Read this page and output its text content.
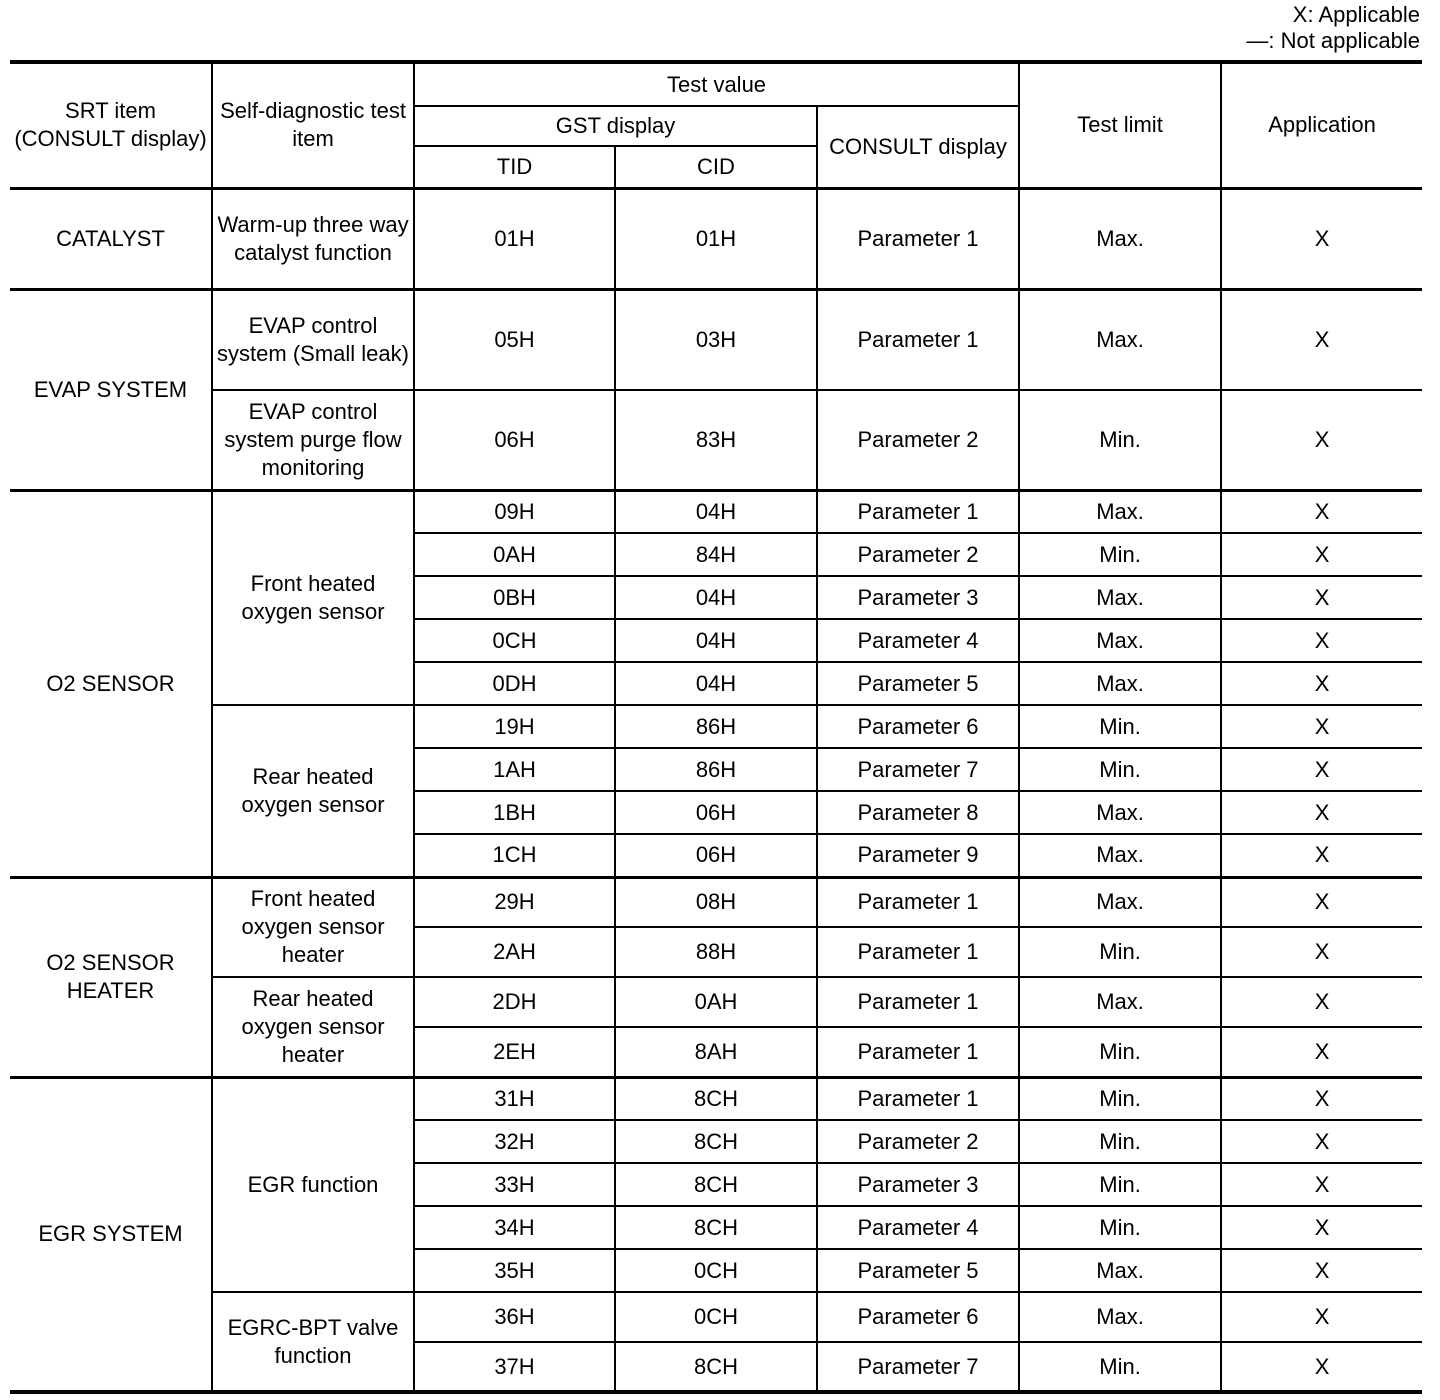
X: Applicable
—: Not applicable
SRT item (CONSULT display)	Self-diagnostic test item	Test value			Test limit	Application
		GST display		CONSULT display		
		TID	CID			
CATALYST	Warm-up three way catalyst function	01H	01H	Parameter 1	Max.	X
EVAP SYSTEM	EVAP control system (Small leak)	05H	03H	Parameter 1	Max.	X
	EVAP control system purge flow monitoring	06H	83H	Parameter 2	Min.	X
O2 SENSOR	Front heated oxygen sensor	09H	04H	Parameter 1	Max.	X
		0AH	84H	Parameter 2	Min.	X
		0BH	04H	Parameter 3	Max.	X
		0CH	04H	Parameter 4	Max.	X
		0DH	04H	Parameter 5	Max.	X
	Rear heated oxygen sensor	19H	86H	Parameter 6	Min.	X
		1AH	86H	Parameter 7	Min.	X
		1BH	06H	Parameter 8	Max.	X
		1CH	06H	Parameter 9	Max.	X
O2 SENSOR HEATER	Front heated oxygen sensor heater	29H	08H	Parameter 1	Max.	X
		2AH	88H	Parameter 1	Min.	X
	Rear heated oxygen sensor heater	2DH	0AH	Parameter 1	Max.	X
		2EH	8AH	Parameter 1	Min.	X
EGR SYSTEM	EGR function	31H	8CH	Parameter 1	Min.	X
		32H	8CH	Parameter 2	Min.	X
		33H	8CH	Parameter 3	Min.	X
		34H	8CH	Parameter 4	Min.	X
		35H	0CH	Parameter 5	Max.	X
	EGRC-BPT valve function	36H	0CH	Parameter 6	Max.	X
		37H	8CH	Parameter 7	Min.	X
